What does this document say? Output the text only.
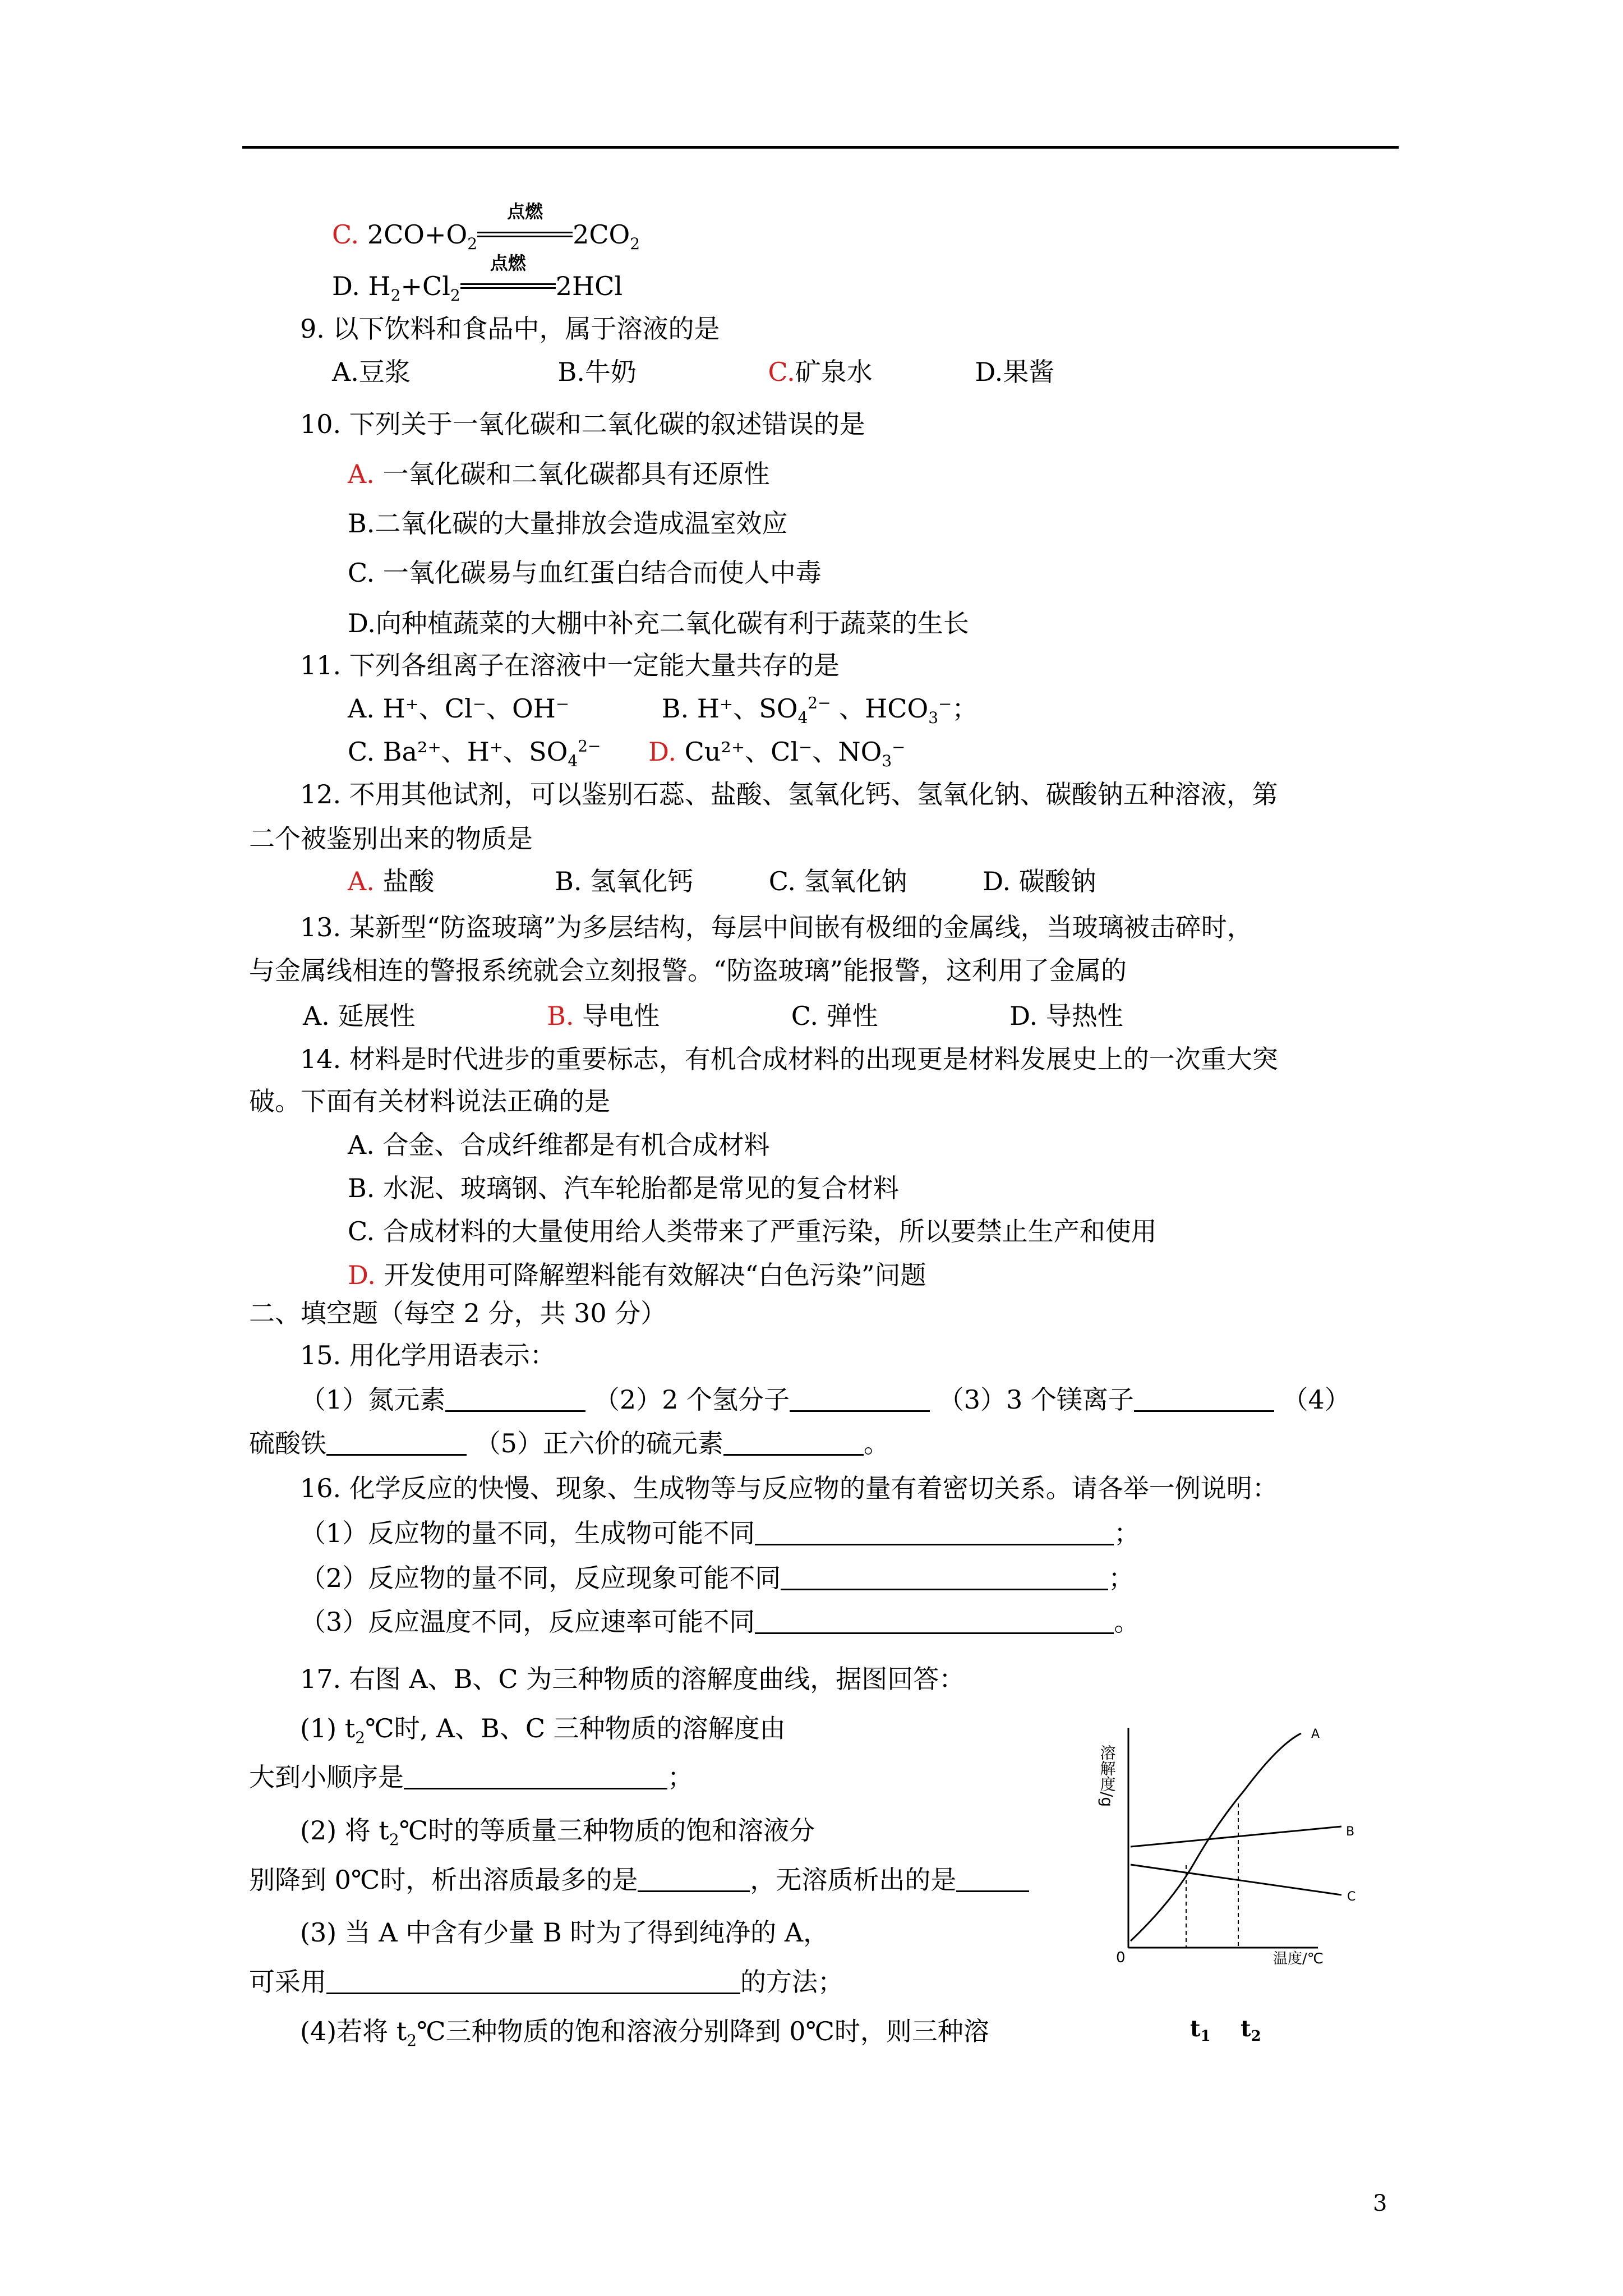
C. $2CO+O_2$
点燃
$2CO_2$
D. $H_2+Cl_2$
点燃
2HCl
9. 以下饮料和食品中，属于溶液的是
A.豆浆	B.牛奶	C.矿泉水	D.果酱
10. 下列关于一氧化碳和二氧化碳的叙述错误的是
A. 一氧化碳和二氧化碳都具有还原性
B.二氧化碳的大量排放会造成温室效应
C. 一氧化碳易与血红蛋白结合而使人中毒
D.向种植蔬菜的大棚中补充二氧化碳有利于蔬菜的生长
11. 下列各组离子在溶液中一定能大量共存的是
A. H⁺、Cl⁻、OH⁻	B. H⁺、$SO_4^{2-}$ 、$HCO_3^-$；
C. Ba²⁺、H⁺、$SO_4^{2-}$ D. Cu²⁺、Cl⁻、$NO_3^-$
12. 不用其他试剂，可以鉴别石蕊、盐酸、氢氧化钙、氢氧化钠、碳酸钠五种溶液，第
二个被鉴别出来的物质是
A. 盐酸	B. 氢氧化钙	C. 氢氧化钠	D. 碳酸钠
13. 某新型“防盗玻璃”为多层结构，每层中间嵌有极细的金属线，当玻璃被击碎时，
与金属线相连的警报系统就会立刻报警。“防盗玻璃”能报警，这利用了金属的
A. 延展性	B. 导电性	C. 弹性	D. 导热性
14. 材料是时代进步的重要标志，有机合成材料的出现更是材料发展史上的一次重大突
破。下面有关材料说法正确的是
A. 合金、合成纤维都是有机合成材料
B. 水泥、玻璃钢、汽车轮胎都是常见的复合材料
C. 合成材料的大量使用给人类带来了严重污染，所以要禁止生产和使用
D. 开发使用可降解塑料能有效解决“白色污染”问题
二、填空题（每空 2 分，共 30 分）
15. 用化学用语表示：
（1）氮元素	（2）2 个氢分子	（3）3 个镁离子	（4）
硫酸铁	（5）正六价的硫元素	。
16. 化学反应的快慢、现象、生成物等与反应物的量有着密切关系。请各举一例说明：
（1）反应物的量不同，生成物可能不同	；
（2）反应物的量不同，反应现象可能不同	；
（3）反应温度不同，反应速率可能不同	。
17. 右图 A、B、C 为三种物质的溶解度曲线，据图回答：
(1) $t_2℃$时, A、B、C 三种物质的溶解度由
大到小顺序是	；
(2) 将 $t_2℃$时的等质量三种物质的饱和溶液分
别降到 0℃时，析出溶质最多的是	，无溶质析出的是
(3) 当 A 中含有少量 B 时为了得到纯净的 A，
可采用	的方法；
(4)若将 $t_2℃$三种物质的饱和溶液分别降到 0℃时，则三种溶
溶解度/g
0	温度/℃
$t_1$ $t_2$
A
B
C
3
